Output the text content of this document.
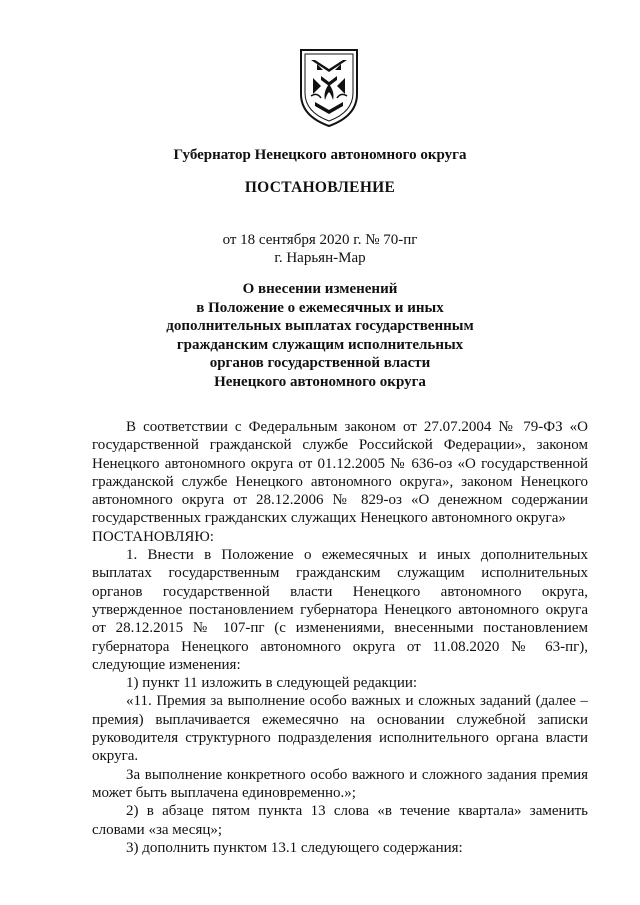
Губернатор Ненецкого автономного округа
ПОСТАНОВЛЕНИЕ
от 18 сентября 2020 г. № 70-пг
г. Нарьян-Мар
О внесении изменений
в Положение о ежемесячных и иных
дополнительных выплатах государственным
гражданским служащим исполнительных
органов государственной власти
Ненецкого автономного округа

В соответствии с Федеральным законом от 27.07.2004 № 79-ФЗ «О государственной гражданской службе Российской Федерации», законом Ненецкого автономного округа от 01.12.2005 № 636-оз «О государственной гражданской службе Ненецкого автономного округа», законом Ненецкого автономного округа от 28.12.2006 № 829-оз «О денежном содержании государственных гражданских служащих Ненецкого автономного округа»

ПОСТАНОВЛЯЮ:

1. Внести в Положение о ежемесячных и иных дополнительных выплатах государственным гражданским служащим исполнительных органов государственной власти Ненецкого автономного округа, утвержденное постановлением губернатора Ненецкого автономного округа от 28.12.2015 № 107-пг (с изменениями, внесенными постановлением губернатора Ненецкого автономного округа от 11.08.2020 № 63-пг), следующие изменения:

1) пункт 11 изложить в следующей редакции:

«11. Премия за выполнение особо важных и сложных заданий (далее – премия) выплачивается ежемесячно на основании служебной записки руководителя структурного подразделения исполнительного органа власти округа.

За выполнение конкретного особо важного и сложного задания премия может быть выплачена единовременно.»;

2) в абзаце пятом пункта 13 слова «в течение квартала» заменить словами «за месяц»;

3) дополнить пунктом 13.1 следующего содержания:
